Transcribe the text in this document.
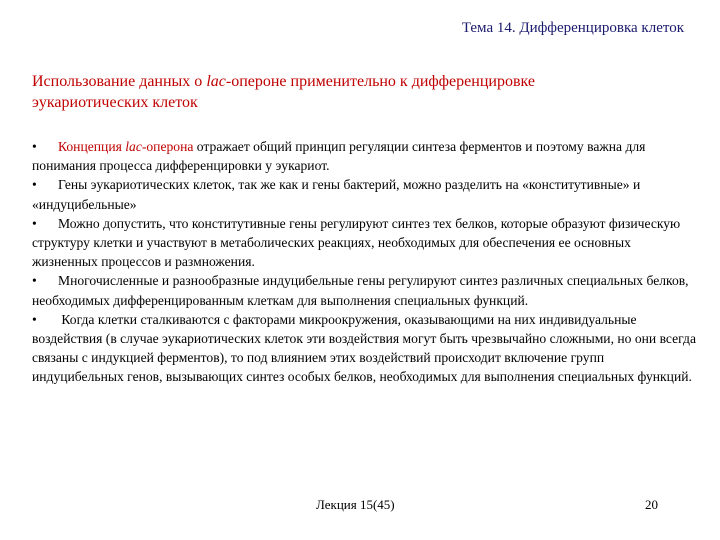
Тема 14. Дифференцировка клеток
Использование данных о lac-опероне применительно к дифференцировке эукариотических клеток

• Концепция lac-оперона отражает общий принцип регуляции синтеза ферментов и поэтому важна для понимания процесса дифференцировки у эукариот.

• Гены эукариотических клеток, так же как и гены бактерий, можно разделить на «конститутивные» и «индуцибельные»

• Можно допустить, что конститутивные гены регулируют синтез тех белков, которые образуют физическую структуру клетки и участвуют в метаболических реакциях, необходимых для обеспечения ее основных жизненных процессов и размножения.

• Многочисленные и разнообразные индуцибельные гены регулируют синтез различных специальных белков, необходимых дифференцированным клеткам для выполнения специальных функций.

• Когда клетки сталкиваются с факторами микроокружения, оказывающими на них индивидуальные воздействия (в случае эукариотических клеток эти воздействия могут быть чрезвычайно сложными, но они всегда связаны с индукцией ферментов), то под влиянием этих воздействий происходит включение групп индуцибельных генов, вызывающих синтез особых белков, необходимых для выполнения специальных функций.

Лекция 15(45)	20
